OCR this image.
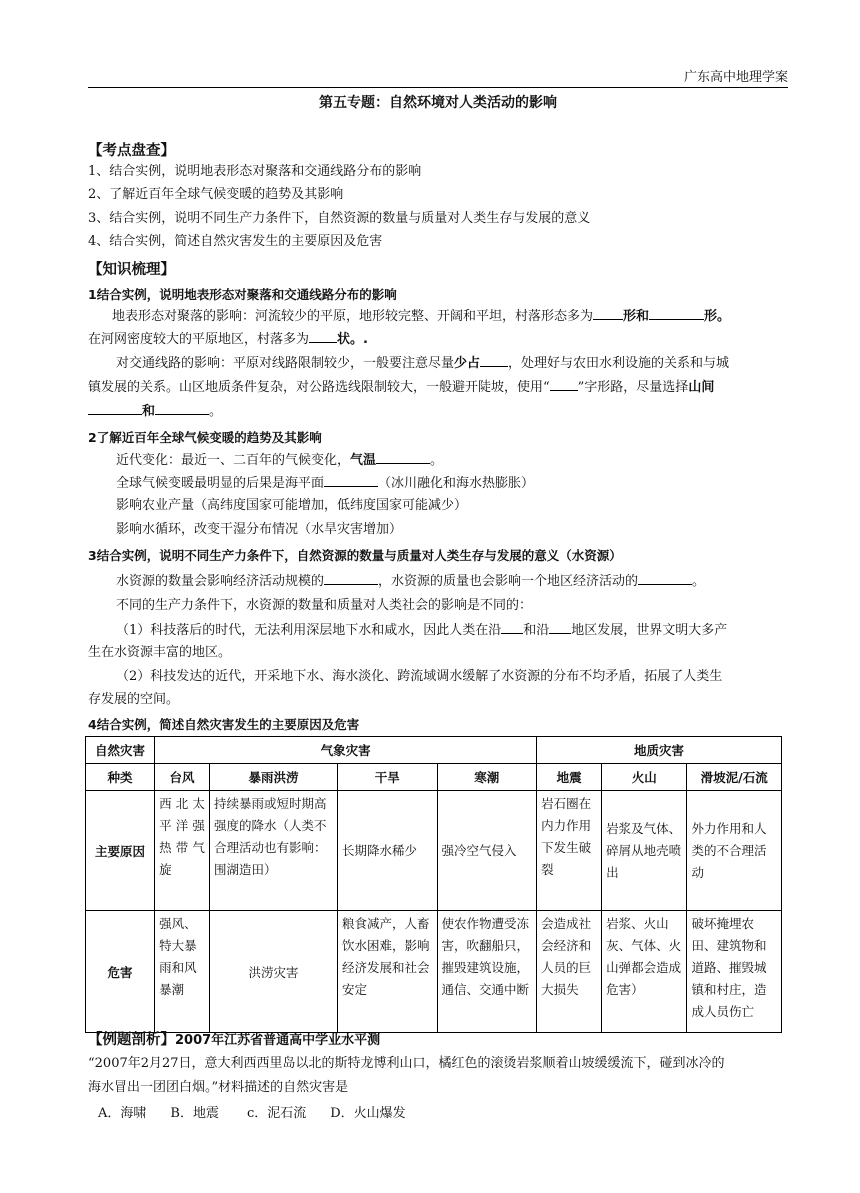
广东高中地理学案
第五专题：自然环境对人类活动的影响
【考点盘查】
1、结合实例，说明地表形态对聚落和交通线路分布的影响
2、了解近百年全球气候变暖的趋势及其影响
3、结合实例，说明不同生产力条件下，自然资源的数量与质量对人类生存与发展的意义
4、结合实例，简述自然灾害发生的主要原因及危害
【知识梳理】
1结合实例，说明地表形态对聚落和交通线路分布的影响
地表形态对聚落的影响：河流较少的平原，地形较完整、开阔和平坦，村落形态多为 形和	形。
在河网密度较大的平原地区，村落多为 状。.
对交通线路的影响：平原对线路限制较少，一般要注意尽量少占 ，处理好与农田水利设施的关系和与城
镇发展的关系。山区地质条件复杂，对公路选线限制较大，一般避开陡坡，使用“ ”字形路，尽量选择山间
和	。
2了解近百年全球气候变暖的趋势及其影响
近代变化：最近一、二百年的气候变化，气温	。
全球气候变暖最明显的后果是海平面	（冰川融化和海水热膨胀）
影响农业产量（高纬度国家可能增加，低纬度国家可能减少）
影响水循环，改变干湿分布情况（水旱灾害增加）
3结合实例，说明不同生产力条件下，自然资源的数量与质量对人类生存与发展的意义（水资源）
水资源的数量会影响经济活动规模的	，水资源的质量也会影响一个地区经济活动的	。
不同的生产力条件下，水资源的数量和质量对人类社会的影响是不同的：
（1）科技落后的时代，无法利用深层地下水和咸水，因此人类在沿 和沿 地区发展，世界文明大多产
生在水资源丰富的地区。
（2）科技发达的近代，开采地下水、海水淡化、跨流域调水缓解了水资源的分布不均矛盾，拓展了人类生
存发展的空间。
4结合实例，简述自然灾害发生的主要原因及危害
自然灾害	气象灾害				地质灾害		
种类	台风	暴雨洪涝	干旱	寒潮	地震	火山	滑坡泥/石流
主要原因	西北太平洋强热带气旋	持续暴雨或短时期高强度的降水（人类不合理活动也有影响：围湖造田）	长期降水稀少	强冷空气侵入	岩石圈在内力作用下发生破裂	岩浆及气体、碎屑从地壳喷出	外力作用和人类的不合理活动
危害	强风、特大暴雨和风暴潮	洪涝灾害	粮食减产，人畜饮水困难，影响经济发展和社会安定	使农作物遭受冻害，吹翻船只，摧毁建筑设施，通信、交通中断	会造成社会经济和人员的巨大损失	岩浆、火山灰、气体、火山弹都会造成危害）	破坏掩埋农田、建筑物和道路、摧毁城镇和村庄，造成人员伤亡
【例题剖析】2007年江苏省普通高中学业水平测
“2007年2月27日，意大利西西里岛以北的斯特龙博利山口，橘红色的滚烫岩浆顺着山坡缓缓流下，碰到冰冷的
海水冒出一团团白烟。”材料描述的自然灾害是
A．海啸 B．地震 c．泥石流 D．火山爆发
